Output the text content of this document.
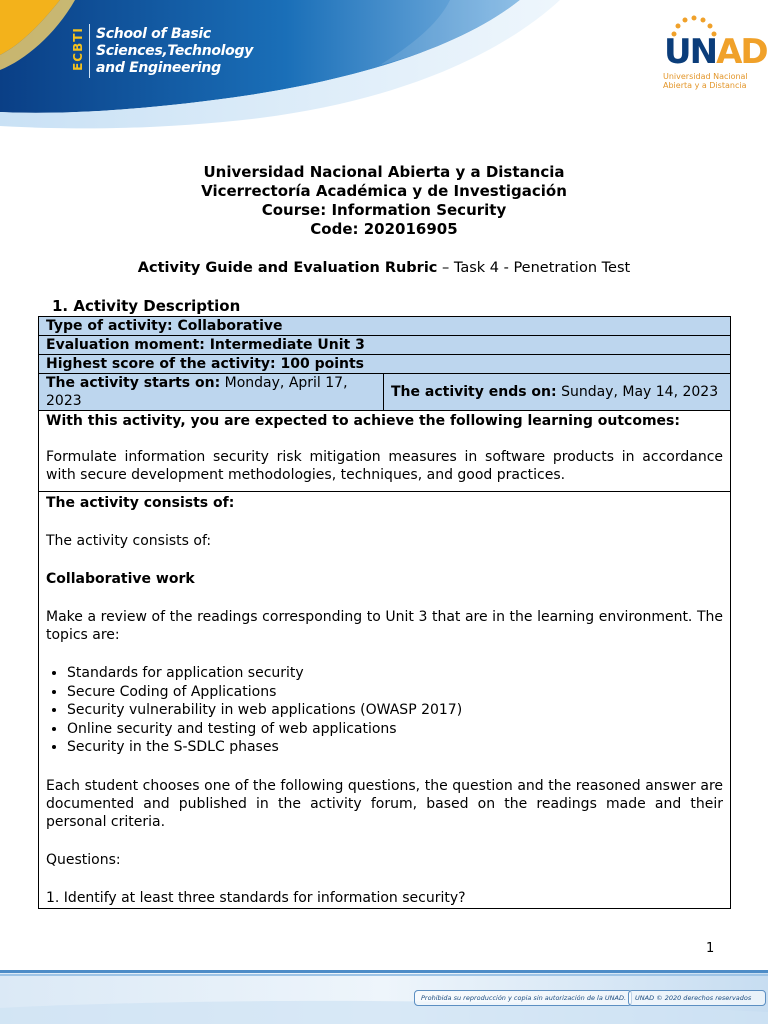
ECBTI School of Basic
Sciences,Technology
and Engineering	UNAD
Universidad Nacional
Abierta y a Distancia
Universidad Nacional Abierta y a Distancia
Vicerrectoría Académica y de Investigación
Course: Information Security
Code: 202016905
Activity Guide and Evaluation Rubric – Task 4 - Penetration Test
1. Activity Description
Type of activity: Collaborative
Evaluation moment: Intermediate Unit 3
Highest score of the activity: 100 points
The activity starts on: Monday, April 17, 2023	The activity ends on: Sunday, May 14, 2023

With this activity, you are expected to achieve the following learning outcomes:

Formulate information security risk mitigation measures in software products in accordance with secure development methodologies, techniques, and good practices.

The activity consists of:

The activity consists of:

Collaborative work

Make a review of the readings corresponding to Unit 3 that are in the learning environment. The topics are:

• Standards for application security
• Secure Coding of Applications
• Security vulnerability in web applications (OWASP 2017)
• Online security and testing of web applications
• Security in the S-SDLC phases

Each student chooses one of the following questions, the question and the reasoned answer are documented and published in the activity forum, based on the readings made and their personal criteria.

Questions:

1. Identify at least three standards for information security?

1
Prohibida su reproducción y copia sin autorización de la UNAD.	UNAD © 2020 derechos reservados
